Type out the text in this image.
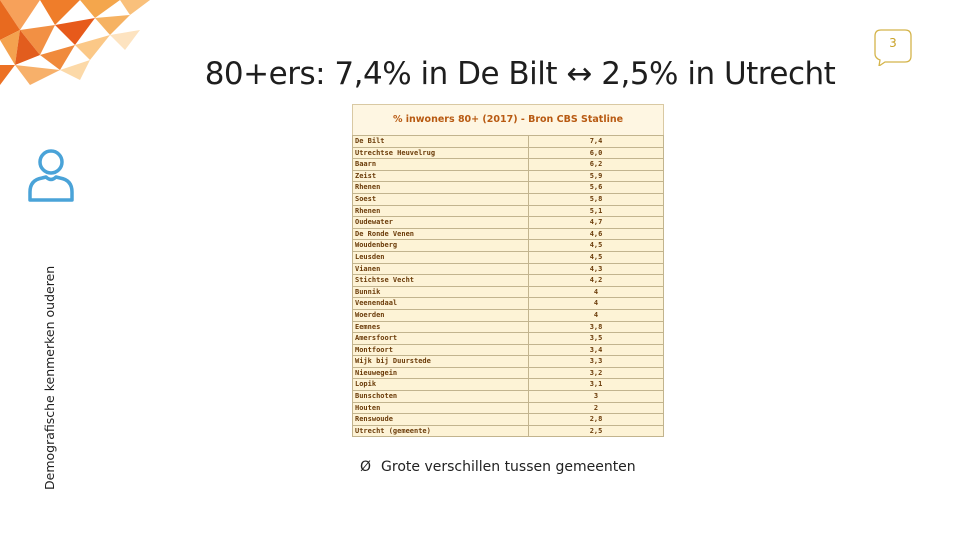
3
80+ers: 7,4% in De Bilt ↔ 2,5% in Utrecht
Demografische kenmerken ouderen
% inwoners 80+ (2017) - Bron CBS Statline
De Bilt	7,4
Utrechtse Heuvelrug	6,0
Baarn	6,2
Zeist	5,9
Rhenen	5,6
Soest	5,8
Rhenen	5,1
Oudewater	4,7
De Ronde Venen	4,6
Woudenberg	4,5
Leusden	4,5
Vianen	4,3
Stichtse Vecht	4,2
Bunnik	4
Veenendaal	4
Woerden	4
Eemnes	3,8
Amersfoort	3,5
Montfoort	3,4
Wijk bij Duurstede	3,3
Nieuwegein	3,2
Lopik	3,1
Bunschoten	3
Houten	2
Renswoude	2,8
Utrecht (gemeente)	2,5
Ø Grote verschillen tussen gemeenten
